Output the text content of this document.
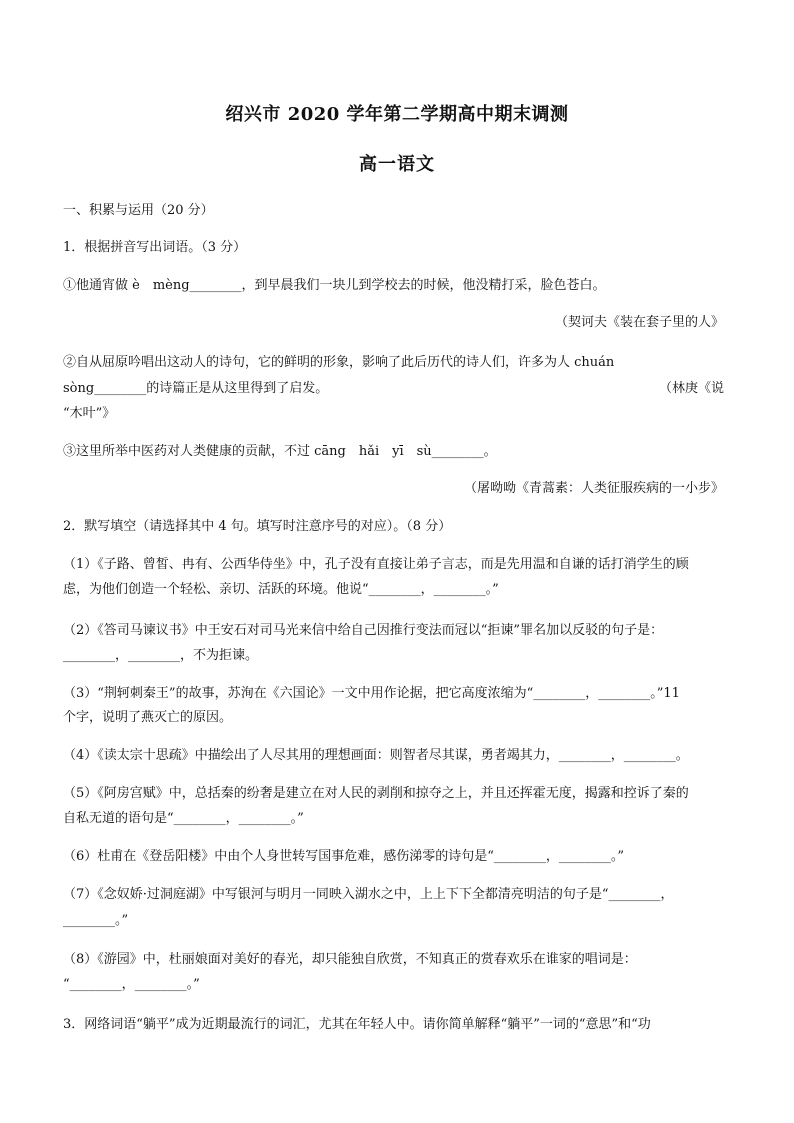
绍兴市 2020 学年第二学期高中期末调测
高一语文
一、积累与运用（20 分）
1．根据拼音写出词语。（3 分）
①他通宵做 è　mèng________，到早晨我们一块儿到学校去的时候，他没精打采，脸色苍白。
（契诃夫《装在套子里的人》
②自从屈原吟唱出这动人的诗句，它的鲜明的形象，影响了此后历代的诗人们，许多为人 chuán
sòng________的诗篇正是从这里得到了启发。	（林庚《说
“木叶”》
③这里所举中医药对人类健康的贡献，不过 cāng　hǎi　yī　sù________。
（屠呦呦《青蒿素：人类征服疾病的一小步》
2．默写填空（请选择其中 4 句。填写时注意序号的对应）。（8 分）
（1）《子路、曾皙、冉有、公西华侍坐》中，孔子没有直接让弟子言志，而是先用温和自谦的话打消学生的顾
虑，为他们创造一个轻松、亲切、活跃的环境。他说“________，________。”
（2）《答司马谏议书》中王安石对司马光来信中给自己因推行变法而冠以“拒谏”罪名加以反驳的句子是：
________，________，不为拒谏。
（3）“荆轲刺秦王”的故事，苏洵在《六国论》一文中用作论据，把它高度浓缩为“________，________。”11
个字，说明了燕灭亡的原因。
（4）《读太宗十思疏》中描绘出了人尽其用的理想画面：则智者尽其谋，勇者竭其力，________，________。
（5）《阿房宫赋》中，总括秦的纷奢是建立在对人民的剥削和掠夺之上，并且还挥霍无度，揭露和控诉了秦的
自私无道的语句是“________，________。”
（6）杜甫在《登岳阳楼》中由个人身世转写国事危难，感伤涕零的诗句是“________，________。”
（7）《念奴娇·过洞庭湖》中写银河与明月一同映入湖水之中，上上下下全都清亮明洁的句子是“________，
________。”
（8）《游园》中，杜丽娘面对美好的春光，却只能独自欣赏，不知真正的赏春欢乐在谁家的唱词是：
“________，________。”
3．网络词语“躺平”成为近期最流行的词汇，尤其在年轻人中。请你简单解释“躺平”一词的“意思”和“功
